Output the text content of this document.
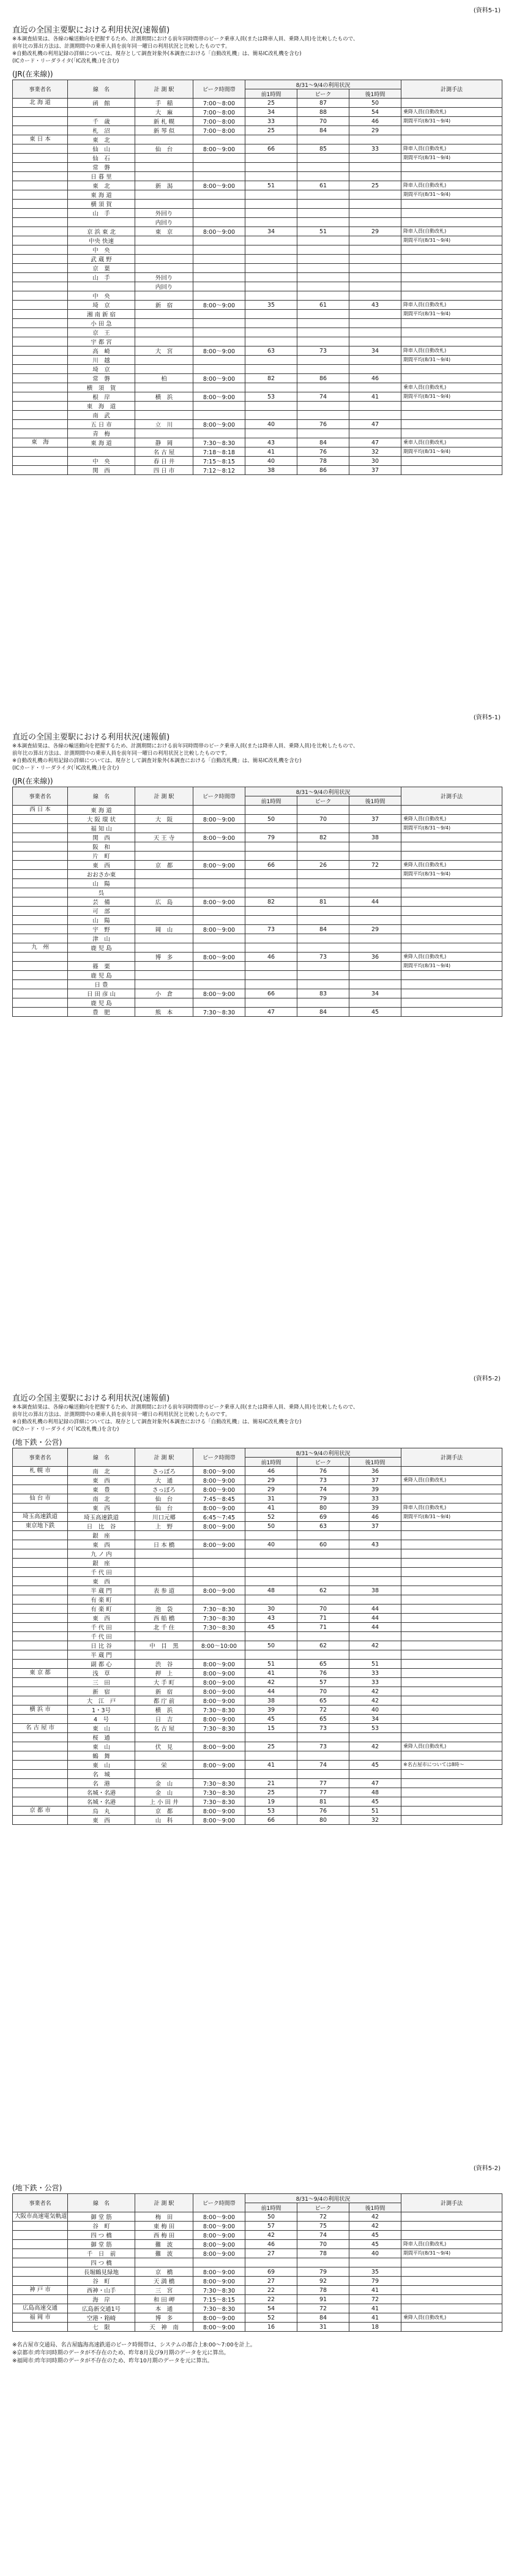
(資料5-1)
直近の全国主要駅における利用状況(速報値)
※本調査結果は、各線の輸送動向を把握するため、計測期間における前年同時間帯のピーク乗車人員(または降車人員、乗降人員)を比較したもので、
前年比の算出方法は、計測期間中の乗車人員を前年同一曜日の利用状況と比較したものです。
※自動改札機の利用記録の詳細については、現存として調査対象外(本調査における「自動改札機」は、簡易IC改札機を含む)
(ICカード・リーダライタ(「IC改札機」)を含む)
(JR(在来線))
事業者名	線　名	計 測 駅	ピーク時間帯	8/31～9/4の利用状況			計測手法
				前1時間	ピーク	後1時間	
北 海 道	函　館	手　稲	7:00～8:00	25	87	50	
		大　麻	7:00～8:00	34	88	54	乗降人員(自動改札)
	千　歳	新 札 幌	7:00～8:00	33	70	46	期間平均(8/31～9/4)
	札　沼	新 琴 似	7:00～8:00	25	84	29	
東 日 本	東　北						
	仙　山	仙　台	8:00～9:00	66	85	33	降車人員(自動改札)
	仙　石						期間平均(8/31～9/4)
	常　磐						
	日 暮 里						
	東　北	新　潟	8:00～9:00	51	61	25	降車人員(自動改札)
	東 海 道						期間平均(8/31～9/4)
	横 須 賀						
	山　手	外回り					
		内回り					
	京 浜 東 北	東　京	8:00～9:00	34	51	29	降車人員(自動改札)
	中央 快速						期間平均(8/31～9/4)
	中　央						
	武 蔵 野						
	京　葉						
	山　手	外回り					
		内回り					
	中　央						
	埼　京	新　宿	8:00～9:00	35	61	43	降車人員(自動改札)
	湘 南 新 宿						期間平均(8/31～9/4)
	小 田 急						
	京　王						
	宇 都 宮						
	高　崎	大　宮	8:00～9:00	63	73	34	降車人員(自動改札)
	川　越						期間平均(8/31～9/4)
	埼　京						
	常　磐	柏	8:00～9:00	82	86	46	
	横　須　賀						乗車人員(自動改札)
	根　岸	横　浜	8:00～9:00	53	74	41	期間平均(8/31～9/4)
	東　海　道						
	南　武						
	五 日 市	立　川	8:00～9:00	40	76	47	
	青　梅						
東　海	東 海 道	静　岡	7:30～8:30	43	84	47	乗車人員(自動改札)
		名 古 屋	7:18～8:18	41	76	32	期間平均(8/31～9/4)
	中　央	春 日 井	7:15～8:15	40	78	30	
	関　西	四 日 市	7:12～8:12	38	86	37	
(資料5-1)
直近の全国主要駅における利用状況(速報値)
※本調査結果は、各線の輸送動向を把握するため、計測期間における前年同時間帯のピーク乗車人員(または降車人員、乗降人員)を比較したもので、
前年比の算出方法は、計測期間中の乗車人員を前年同一曜日の利用状況と比較したものです。
※自動改札機の利用記録の詳細については、現存として調査対象外(本調査における「自動改札機」は、簡易IC改札機を含む)
(ICカード・リーダライタ(「IC改札機」)を含む)
(JR(在来線))
事業者名	線　名	計 測 駅	ピーク時間帯	8/31～9/4の利用状況			計測手法
				前1時間	ピーク	後1時間	
西 日 本	東 海 道						
	大 阪 環 状	大　阪	8:00～9:00	50	70	37	乗降人員(自動改札)
	福 知 山						期間平均(8/31～9/4)
	関　西	天 王 寺	8:00～9:00	79	82	38	
	阪　和						
	片　町						
	東　西	京　都	8:00～9:00	66	26	72	乗降人員(自動改札)
	おおさか東						期間平均(8/31～9/4)
	山　陽						
	呉						
	芸　備	広　島	8:00～9:00	82	81	44	
	可　部						
	山　陽						
	宇　野	岡　山	8:00～9:00	73	84	29	
	津　山						
九　州	鹿 児 島						
		博　多	8:00～9:00	46	73	36	乗降人員(自動改札)
	篠　栗						期間平均(8/31～9/4)
	鹿 児 島						
	日 豊						
	日 田 彦 山	小　倉	8:00～9:00	66	83	34	
	鹿 児 島						
	豊　肥	熊　本	7:30～8:30	47	84	45	
(資料5-2)
直近の全国主要駅における利用状況(速報値)
※本調査結果は、各線の輸送動向を把握するため、計測期間における前年同時間帯のピーク乗車人員(または降車人員、乗降人員)を比較したもので、
前年比の算出方法は、計測期間中の乗車人員を前年同一曜日の利用状況と比較したものです。
※自動改札機の利用記録の詳細については、現存として調査対象外(本調査における「自動改札機」は、簡易IC改札機を含む)
(ICカード・リーダライタ(「IC改札機」)を含む)
(地下鉄・公営)
事業者名	線　名	計 測 駅	ピーク時間帯	8/31～9/4の利用状況			計測手法
				前1時間	ピーク	後1時間	
札 幌 市	南　北	さっぽろ	8:00～9:00	46	76	36	
	東　西	大　通	8:00～9:00	29	73	37	乗降人員(自動改札)
	東　豊	さっぽろ	8:00～9:00	29	74	39	
仙 台 市	南　北	仙　台	7:45～8:45	31	79	33	
	東　西	仙　台	8:00～9:00	41	80	39	降車人員(自動改札)
埼玉高速鉄道	埼玉高速鉄道	川口元郷	6:45～7:45	52	69	46	期間平均(8/31～9/4)
東京地下鉄	日　比　谷	上　野	8:00～9:00	50	63	37	
	銀　座						
	東　西	日 本 橋	8:00～9:00	40	60	43	
	九 ノ 内						
	銀　座						
	千 代 田						
	東　西						
	半 蔵 門	表 参 道	8:00～9:00	48	62	38	
	有 楽 町						
	有 楽 町	池　袋	7:30～8:30	30	70	44	
	東　西	西 船 橋	7:30～8:30	43	71	44	
	千 代 田	北 千 住	7:30～8:30	45	71	44	
	千 代 田						
	日 比 谷	中　目　黒	8:00～10:00	50	62	42	
	半 蔵 門						
	副 都 心	渋　谷	8:00～9:00	51	65	51	
東 京 都	浅　草	押　上	8:00～9:00	41	76	33	
	三　田	大 手 町	8:00～9:00	42	57	33	
	新　宿	新　宿	8:00～9:00	44	70	42	
	大　江　戸	都 庁 前	8:00～9:00	38	65	42	
横 浜 市	1・3号	横　浜	7:30～8:30	39	72	40	
	4　号	日　吉	8:00～9:00	45	65	34	
名 古 屋 市	東　山	名 古 屋	7:30～8:30	15	73	53	
	桜　通						
	東　山	伏　見	8:00～9:00	25	73	42	乗降人員(自動改札)
	鶴　舞						
	東　山	栄	8:00～9:00	41	74	45	※名古屋市については8時～
	名　城						
	名　港	金　山	7:30～8:30	21	77	47	
	名城・名港	金　山	7:30～8:30	25	77	48	
	名城・名港	上 小 田 井	7:30～8:30	19	81	45	
京 都 市	烏　丸	京　都	8:00～9:00	53	76	51	
	東　西	山　科	8:00～9:00	66	80	32	
(資料5-2)
(地下鉄・公営)
事業者名	線　名	計 測 駅	ピーク時間帯	8/31～9/4の利用状況			計測手法
				前1時間	ピーク	後1時間	
大阪市高速電気軌道	御 堂 筋	梅　田	8:00～9:00	50	72	42	
	谷　町	東 梅 田	8:00～9:00	57	75	42	
	四 つ 橋	西 梅 田	8:00～9:00	42	74	45	
	御 堂 筋	難　波	8:00～9:00	46	70	45	降車人員(自動改札)
	千　日　前	難　波	8:00～9:00	27	78	40	期間平均(8/31～9/4)
	四 つ 橋						
	長堀鶴見緑地	京　橋	8:00～9:00	69	79	35	
	谷　町	天 満 橋	8:00～9:00	27	92	79	
神 戸 市	西神・山手	三　宮	7:30～8:30	22	78	41	
	海　岸	和 田 岬	7:15～8:15	22	91	72	
広島高速交通	広島新交通1号	本　通	7:30～8:30	54	72	41	
福 岡 市	空港・箱崎	博　多	8:00～9:00	52	84	41	乗降人員(自動改札)
	七　限	天　神　南	8:00～9:00	16	31	18	
※名古屋市交通局、名古屋臨海高速鉄道のピーク時間帯は、システムの都合上8:00～7:00を計上。
※京都市:昨年同時期のデータが不存在のため、昨年8月及び9月期のデータを元に算出。
※福岡市:昨年同時期のデータが不存在のため、昨年10月期のデータを元に算出。
